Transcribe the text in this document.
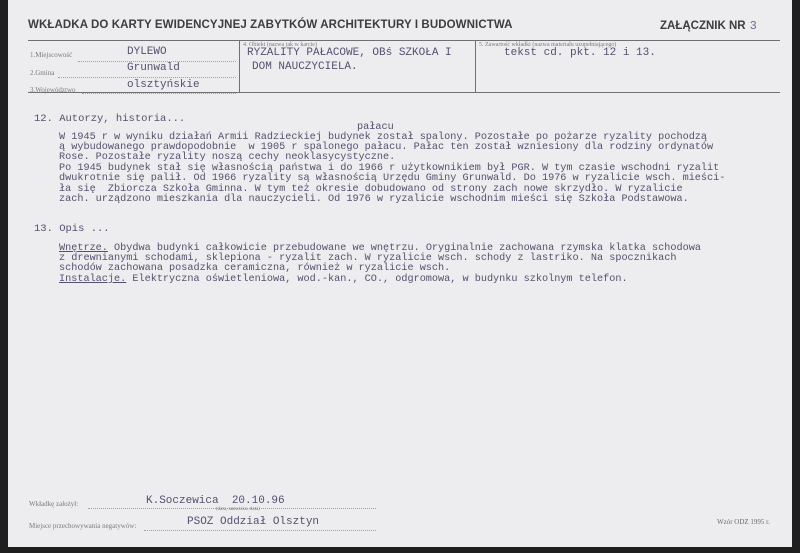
WKŁADKA DO KARTY EWIDENCYJNEJ ZABYTKÓW ARCHITEKTURY I BUDOWNICTWA	ZAŁĄCZNIK NR 3
1.Miejscowość	DYLEWO
2.Gmina	Grunwald
3.Województwo	olsztyńskie
4. Obiekt (nazwa jak w karcie)
RYZALITY PAŁACOWE, OBś SZKOŁA I
DOM NAUCZYCIELA.
5. Zawartość wkładki (nazwa materiału uzupełniającego)
tekst cd. pkt. 12 i 13.
12. Autorzy, historia...
pałacu
W 1945 r w wyniku działań Armii Radzieckiej budynek został spalony. Pozostałe po pożarze ryzality pochodzą
ą wybudowanego prawdopodobnie  w 1905 r spalonego pałacu. Pałac ten został wzniesiony dla rodziny ordynatów
Rose. Pozostałe ryzality noszą cechy neoklasycystyczne.
Po 1945 budynek stał się własnością państwa i do 1966 r użytkownikiem był PGR. W tym czasie wschodni ryzalit
dwukrotnie się palił. Od 1966 ryzality są własnością Urzędu Gminy Grunwald. Do 1976 w ryzalicie wsch. mieści-
ła się  Zbiorcza Szkoła Gminna. W tym też okresie dobudowano od strony zach nowe skrzydło. W ryzalicie
zach. urządzono mieszkania dla nauczycieli. Od 1976 w ryzalicie wschodnim mieści się Szkoła Podstawowa.
13. Opis ...
Wnętrze. Obydwa budynki całkowicie przebudowane we wnętrzu. Oryginalnie zachowana rzymska klatka schodowa
z drewnianymi schodami, sklepiona - ryzalit zach. W ryzalicie wsch. schody z lastriko. Na spocznikach
schodów zachowana posadzka ceramiczna, również w ryzalicie wsch.
Instalacje. Elektryczna oświetleniowa, wod.-kan., CO., odgromowa, w budynku szkolnym telefon.
Wkładkę założył:	K.Soczewica  20.10.96
(data, nazwisko, data)
Miejsce przechowywania negatywów:	PSOZ Oddział Olsztyn	Wzór ODZ 1995 r.
